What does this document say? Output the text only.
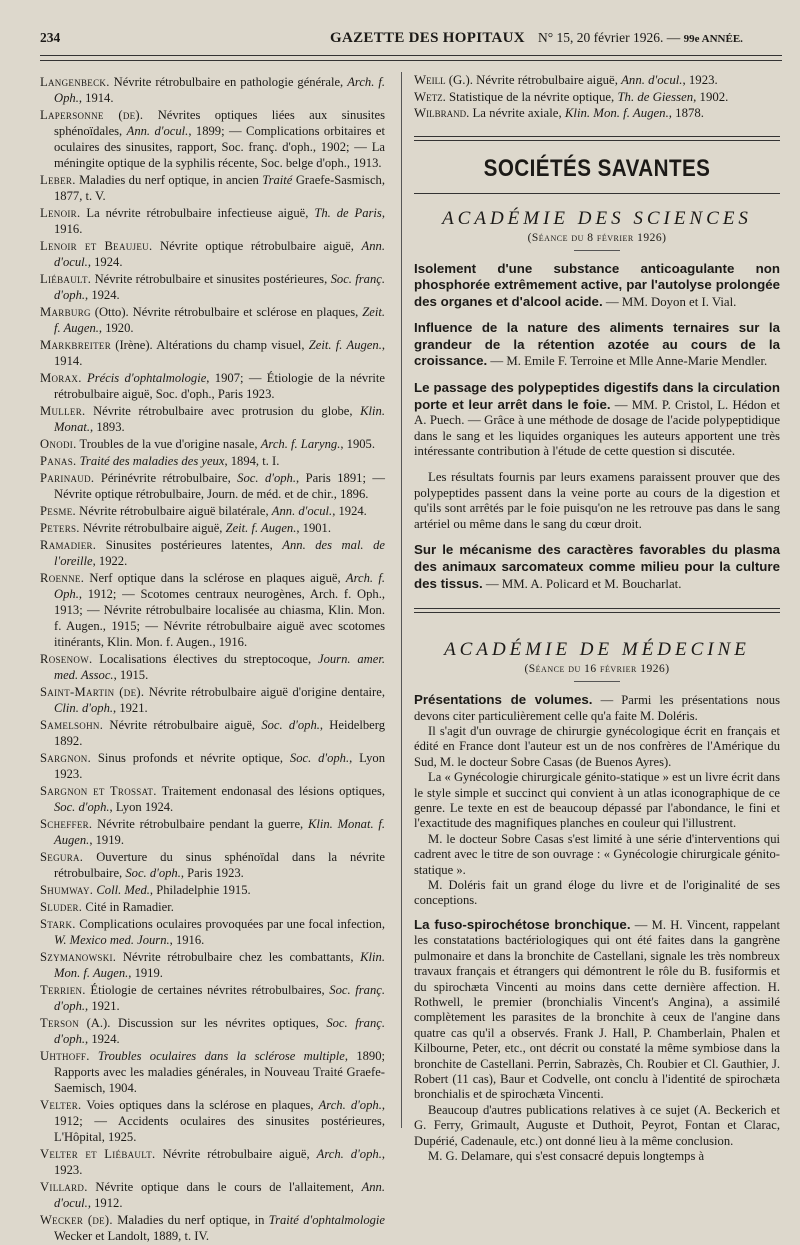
234	GAZETTE DES HOPITAUX N° 15, 20 février 1926. — 99e ANNÉE.

Langenbeck. Névrite rétrobulbaire en pathologie générale, Arch. f. Oph., 1914.

Lapersonne (de). Névrites optiques liées aux sinusites sphénoïdales, Ann. d'ocul., 1899; — Complications orbitaires et oculaires des sinusites, rapport, Soc. franç. d'oph., 1902; — La méningite optique de la syphilis récente, Soc. belge d'oph., 1913.

Leber. Maladies du nerf optique, in ancien Traité Graefe-Sasmisch, 1877, t. V.

Lenoir. La névrite rétrobulbaire infectieuse aiguë, Th. de Paris, 1916.

Lenoir et Beaujeu. Névrite optique rétrobulbaire aiguë, Ann. d'ocul., 1924.

Liébault. Névrite rétrobulbaire et sinusites postérieures, Soc. franç. d'oph., 1924.

Marburg (Otto). Névrite rétrobulbaire et sclérose en plaques, Zeit. f. Augen., 1920.

Markbreiter (Irène). Altérations du champ visuel, Zeit. f. Augen., 1914.

Morax. Précis d'ophtalmologie, 1907; — Étiologie de la névrite rétrobulbaire aiguë, Soc. d'oph., Paris 1923.

Muller. Névrite rétrobulbaire avec protrusion du globe, Klin. Monat., 1893.

Onodi. Troubles de la vue d'origine nasale, Arch. f. Laryng., 1905.

Panas. Traité des maladies des yeux, 1894, t. I.

Parinaud. Périnévrite rétrobulbaire, Soc. d'oph., Paris 1891; — Névrite optique rétrobulbaire, Journ. de méd. et de chir., 1896.

Pesme. Névrite rétrobulbaire aiguë bilatérale, Ann. d'ocul., 1924.

Peters. Névrite rétrobulbaire aiguë, Zeit. f. Augen., 1901.

Ramadier. Sinusites postérieures latentes, Ann. des mal. de l'oreille, 1922.

Roenne. Nerf optique dans la sclérose en plaques aiguë, Arch. f. Oph., 1912; — Scotomes centraux neurogènes, Arch. f. Oph., 1913; — Névrite rétrobulbaire localisée au chiasma, Klin. Mon. f. Augen., 1915; — Névrite rétrobulbaire aiguë avec scotomes itinérants, Klin. Mon. f. Augen., 1916.

Rosenow. Localisations électives du streptocoque, Journ. amer. med. Assoc., 1915.

Saint-Martin (de). Névrite rétrobulbaire aiguë d'origine dentaire, Clin. d'oph., 1921.

Samelsohn. Névrite rétrobulbaire aiguë, Soc. d'oph., Heidelberg 1892.

Sargnon. Sinus profonds et névrite optique, Soc. d'oph., Lyon 1923.

Sargnon et Trossat. Traitement endonasal des lésions optiques, Soc. d'oph., Lyon 1924.

Scheffer. Névrite rétrobulbaire pendant la guerre, Klin. Monat. f. Augen., 1919.

Segura. Ouverture du sinus sphénoïdal dans la névrite rétrobulbaire, Soc. d'oph., Paris 1923.

Shumway. Coll. Med., Philadelphie 1915.

Sluder. Cité in Ramadier.

Stark. Complications oculaires provoquées par une focal infection, W. Mexico med. Journ., 1916.

Szymanowski. Névrite rétrobulbaire chez les combattants, Klin. Mon. f. Augen., 1919.

Terrien. Étiologie de certaines névrites rétrobulbaires, Soc. franç. d'oph., 1921.

Terson (A.). Discussion sur les névrites optiques, Soc. franç. d'oph., 1924.

Uhthoff. Troubles oculaires dans la sclérose multiple, 1890; Rapports avec les maladies générales, in Nouveau Traité Graefe-Saemisch, 1904.

Velter. Voies optiques dans la sclérose en plaques, Arch. d'oph., 1912; — Accidents oculaires des sinusites postérieures, L'Hôpital, 1925.

Velter et Liébault. Névrite rétrobulbaire aiguë, Arch. d'oph., 1923.

Villard. Névrite optique dans le cours de l'allaitement, Ann. d'ocul., 1912.

Wecker (de). Maladies du nerf optique, in Traité d'ophtalmologie Wecker et Landolt, 1889, t. IV.

Weill (G.). Névrite rétrobulbaire aiguë, Ann. d'ocul., 1923.

Wetz. Statistique de la névrite optique, Th. de Giessen, 1902.

Wilbrand. La névrite axiale, Klin. Mon. f. Augen., 1878.

SOCIÉTÉS SAVANTES
ACADÉMIE DES SCIENCES
(Séance du 8 février 1926)

Isolement d'une substance anticoagulante non phosphorée extrêmement active, par l'autolyse prolongée des organes et d'alcool acide. — MM. Doyon et I. Vial.

Influence de la nature des aliments ternaires sur la grandeur de la rétention azotée au cours de la croissance. — M. Emile F. Terroine et Mlle Anne-Marie Mendler.

Le passage des polypeptides digestifs dans la circulation porte et leur arrêt dans le foie. — MM. P. Cristol, L. Hédon et A. Puech. — Grâce à une méthode de dosage de l'acide polypeptidique dans le sang et les liquides organiques les auteurs apportent une très intéressante contribution à l'étude de cette question si discutée.

Les résultats fournis par leurs examens paraissent prouver que des polypeptides passent dans la veine porte au cours de la digestion et qu'ils sont arrêtés par le foie puisqu'on ne les retrouve pas dans le sang artériel ou même dans le sang du cœur droit.

Sur le mécanisme des caractères favorables du plasma des animaux sarcomateux comme milieu pour la culture des tissus. — MM. A. Policard et M. Boucharlat.

ACADÉMIE DE MÉDECINE
(Séance du 16 février 1926)

Présentations de volumes. — Parmi les présentations nous devons citer particulièrement celle qu'a faite M. Doléris.

Il s'agit d'un ouvrage de chirurgie gynécologique écrit en français et édité en France dont l'auteur est un de nos confrères de l'Amérique du Sud, M. le docteur Sobre Casas (de Buenos Ayres).

La « Gynécologie chirurgicale génito-statique » est un livre écrit dans le style simple et succinct qui convient à un atlas iconographique de ce genre. Le texte en est de beaucoup dépassé par l'abondance, le fini et l'exactitude des magnifiques planches en couleur qui l'illustrent.

M. le docteur Sobre Casas s'est limité à une série d'interventions qui cadrent avec le titre de son ouvrage : « Gynécologie chirurgicale génito-statique ».

M. Doléris fait un grand éloge du livre et de l'originalité de ses conceptions.

La fuso-spirochétose bronchique. — M. H. Vincent, rappelant les constatations bactériologiques qui ont été faites dans la gangrène pulmonaire et dans la bronchite de Castellani, signale les très nombreux travaux français et étrangers qui démontrent le rôle du B. fusiformis et du spirochæta Vincenti au moins dans cette dernière affection. H. Rothwell, le premier (bronchialis Vincent's Angina), a assimilé complètement les parasites de la bronchite à ceux de l'angine dans quatre cas qu'il a observés. Frank J. Hall, P. Chamberlain, Phalen et Kilbourne, Peter, etc., ont décrit ou constaté la même symbiose dans la bronchite de Castellani. Perrin, Sabrazès, Ch. Roubier et Cl. Gauthier, J. Robert (11 cas), Baur et Codvelle, ont conclu à l'identité de spirochæta bronchialis et de spirochæta Vincenti.

Beaucoup d'autres publications relatives à ce sujet (A. Beckerich et G. Ferry, Grimault, Auguste et Duthoit, Peyrot, Fontan et Clarac, Dupérié, Cadenaule, etc.) ont donné lieu à la même conclusion.

M. G. Delamare, qui s'est consacré depuis longtemps à
